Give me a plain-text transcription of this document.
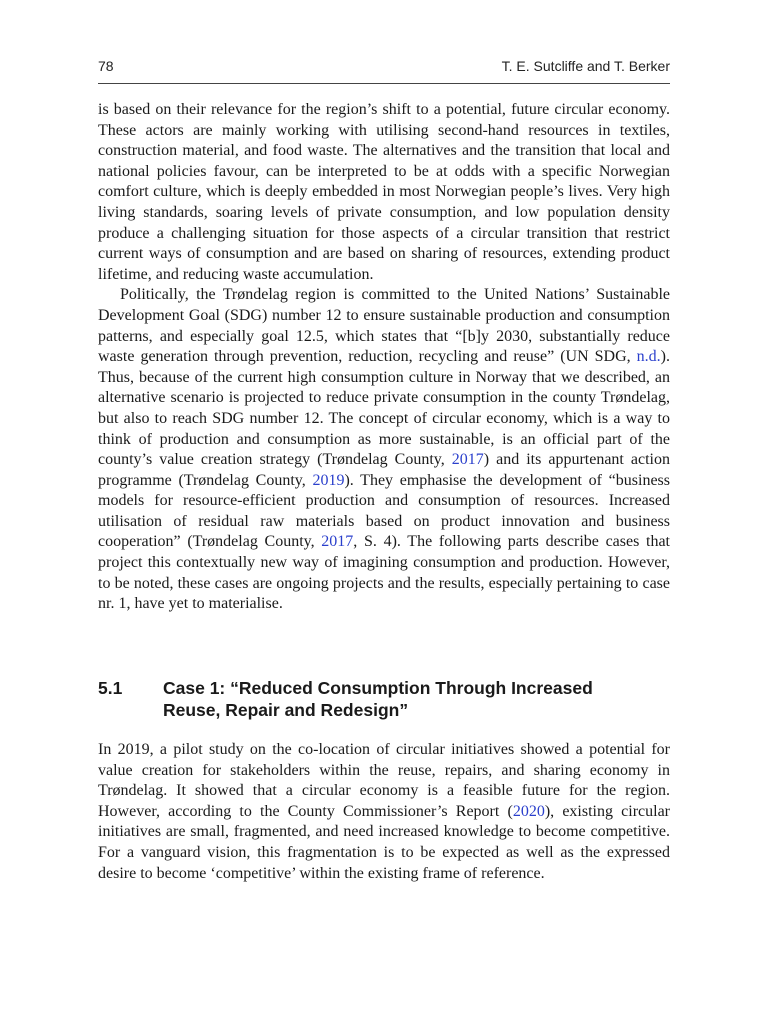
78	T. E. Sutcliffe and T. Berker

is based on their relevance for the region’s shift to a potential, future circular economy. These actors are mainly working with utilising second-hand resources in textiles, construction material, and food waste. The alternatives and the transition that local and national policies favour, can be interpreted to be at odds with a specific Norwegian comfort culture, which is deeply embedded in most Norwegian people’s lives. Very high living standards, soaring levels of private consumption, and low population density produce a challenging situation for those aspects of a circular transition that restrict current ways of consumption and are based on sharing of resources, extending product lifetime, and reducing waste accumulation.

Politically, the Trøndelag region is committed to the United Nations’ Sustainable Development Goal (SDG) number 12 to ensure sustainable production and consumption patterns, and especially goal 12.5, which states that “[b]y 2030, substantially reduce waste generation through prevention, reduction, recycling and reuse” (UN SDG, n.d.). Thus, because of the current high consumption culture in Norway that we described, an alternative scenario is projected to reduce private consumption in the county Trøndelag, but also to reach SDG number 12. The concept of circular economy, which is a way to think of production and consumption as more sustainable, is an official part of the county’s value creation strategy (Trøndelag County, 2017) and its appurtenant action programme (Trøndelag County, 2019). They emphasise the development of “business models for resource-efficient production and consumption of resources. Increased utilisation of residual raw materials based on product innovation and business cooperation” (Trøndelag County, 2017, S. 4). The following parts describe cases that project this contextually new way of imagining consumption and production. However, to be noted, these cases are ongoing projects and the results, especially pertaining to case nr. 1, have yet to materialise.

5.1 Case 1: “Reduced Consumption Through Increased Reuse, Repair and Redesign”

In 2019, a pilot study on the co-location of circular initiatives showed a potential for value creation for stakeholders within the reuse, repairs, and sharing economy in Trøndelag. It showed that a circular economy is a feasible future for the region. However, according to the County Commissioner’s Report (2020), existing circular initiatives are small, fragmented, and need increased knowledge to become competitive. For a vanguard vision, this fragmentation is to be expected as well as the expressed desire to become ‘competitive’ within the existing frame of reference.
